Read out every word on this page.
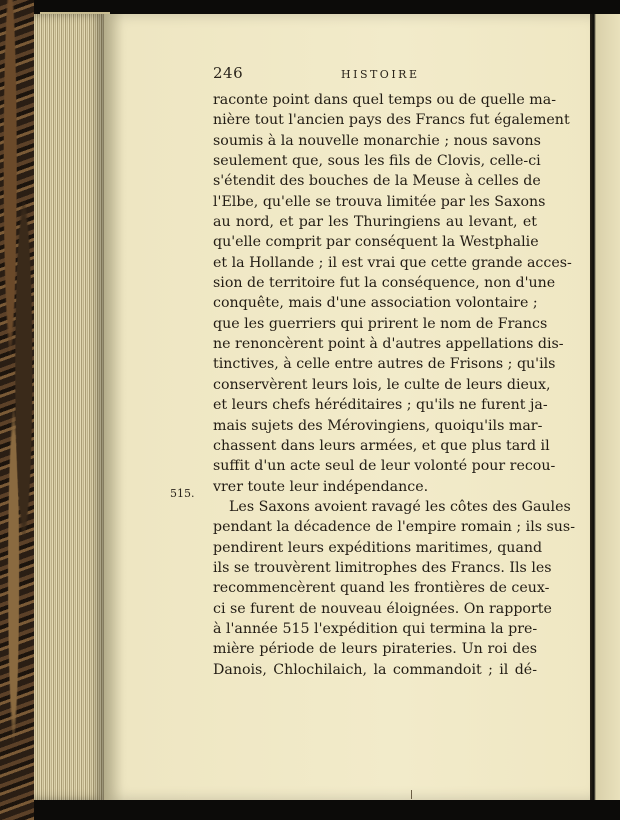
246	HISTOIRE
515.
raconte point dans quel temps ou de quelle ma-
nière tout l'ancien pays des Francs fut également
soumis à la nouvelle monarchie ; nous savons
seulement que, sous les fils de Clovis, celle-ci
s'étendit des bouches de la Meuse à celles de
l'Elbe, qu'elle se trouva limitée par les Saxons
au nord, et par les Thuringiens au levant, et
qu'elle comprit par conséquent la Westphalie
et la Hollande ; il est vrai que cette grande acces-
sion de territoire fut la conséquence, non d'une
conquête, mais d'une association volontaire ;
que les guerriers qui prirent le nom de Francs
ne renoncèrent point à d'autres appellations dis-
tinctives, à celle entre autres de Frisons ; qu'ils
conservèrent leurs lois, le culte de leurs dieux,
et leurs chefs héréditaires ; qu'ils ne furent ja-
mais sujets des Mérovingiens, quoiqu'ils mar-
chassent dans leurs armées, et que plus tard il
suffit d'un acte seul de leur volonté pour recou-
vrer toute leur indépendance.
Les Saxons avoient ravagé les côtes des Gaules
pendant la décadence de l'empire romain ; ils sus-
pendirent leurs expéditions maritimes, quand
ils se trouvèrent limitrophes des Francs. Ils les
recommencèrent quand les frontières de ceux-
ci se furent de nouveau éloignées. On rapporte
à l'année 515 l'expédition qui termina la pre-
mière période de leurs pirateries. Un roi des
Danois, Chlochilaich, la commandoit ; il dé-
